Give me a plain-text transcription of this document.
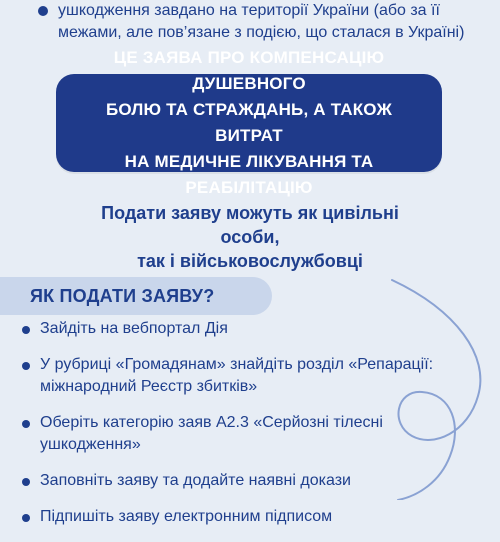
ушкодження завдано на території України (або за її межами, але пов’язане з подією, що сталася в Україні)
ЦЕ ЗАЯВА ПРО КОМПЕНСАЦІЮ ДУШЕВНОГО
БОЛЮ ТА СТРАЖДАНЬ, А ТАКОЖ ВИТРАТ
НА МЕДИЧНЕ ЛІКУВАННЯ ТА РЕАБІЛІТАЦІЮ
Подати заяву можуть як цивільні особи,
так і військовослужбовці
ЯК ПОДАТИ ЗАЯВУ?
Зайдіть на вебпортал Дія
У рубриці «Громадянам» знайдіть розділ «Репарації:
міжнародний Реєстр збитків»
Оберіть категорію заяв А2.3 «Серйозні тілесні
ушкодження»
Заповніть заяву та додайте наявні докази
Підпишіть заяву електронним підписом
